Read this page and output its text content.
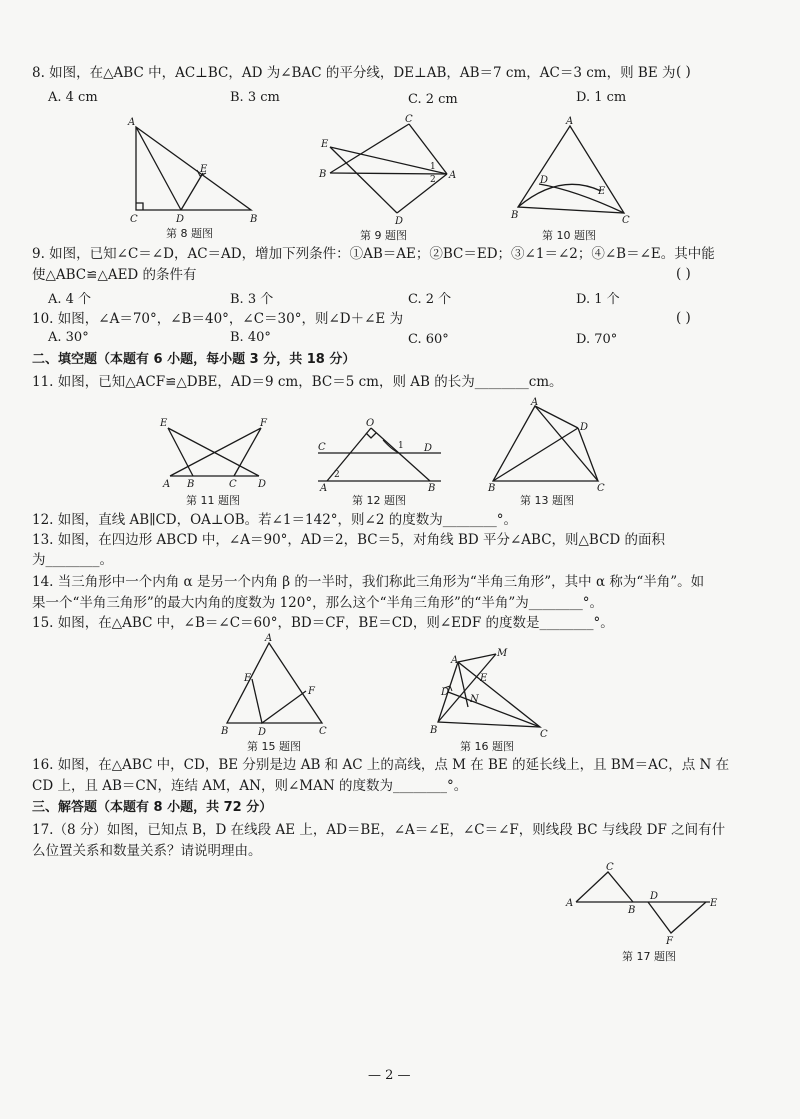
8. 如图，在△ABC 中，AC⊥BC，AD 为∠BAC 的平分线，DE⊥AB，AB＝7 cm，AC＝3 cm，则 BE 为 ( )
A. 4 cm	B. 3 cm	C. 2 cm	D. 1 cm
A
B
C	D
E
第 8 题图
C
E
B	A
D
1
2
第 9 题图
A
B	C
D
E
第 10 题图
9. 如图，已知∠C＝∠D，AC＝AD，增加下列条件：①AB＝AE；②BC＝ED；③∠1＝∠2；④∠B＝∠E。其中能
使△ABC≌△AED 的条件有	( )
A. 4 个	B. 3 个	C. 2 个	D. 1 个
10. 如图，∠A＝70°，∠B＝40°，∠C＝30°，则∠D＋∠E 为	( )
A. 30°	B. 40°	C. 60°	D. 70°
二、填空题（本题有 6 小题，每小题 3 分，共 18 分）
11. 如图，已知△ACF≌△DBE，AD＝9 cm，BC＝5 cm，则 AB 的长为________cm。
A B	C D
E	F
第 11 题图
C	D
A	B
O
1
2
第 12 题图
A
B	C
D
第 13 题图
12. 如图，直线 AB∥CD，OA⊥OB。若∠1＝142°，则∠2 的度数为________°。
13. 如图，在四边形 ABCD 中，∠A＝90°，AD＝2，BC＝5，对角线 BD 平分∠ABC，则△BCD 的面积
为________。
14. 当三角形中一个内角 α 是另一个内角 β 的一半时，我们称此三角形为“半角三角形”，其中 α 称为“半角”。如
果一个“半角三角形”的最大内角的度数为 120°，那么这个“半角三角形”的“半角”为________°。
15. 如图，在△ABC 中，∠B＝∠C＝60°，BD＝CF，BE＝CD，则∠EDF 的度数是________°。
A
B	C
D
E
F
第 15 题图
A
B	C
D
E
M
N
第 16 题图
16. 如图，在△ABC 中，CD，BE 分别是边 AB 和 AC 上的高线，点 M 在 BE 的延长线上，且 BM＝AC，点 N 在
CD 上，且 AB＝CN，连结 AM，AN，则∠MAN 的度数为________°。
三、解答题（本题有 8 小题，共 72 分）
17.（8 分）如图，已知点 B，D 在线段 AE 上，AD＝BE，∠A＝∠E，∠C＝∠F，则线段 BC 与线段 DF 之间有什
么位置关系和数量关系？请说明理由。
C
A
B
D
E
F
第 17 题图
— 2 —
